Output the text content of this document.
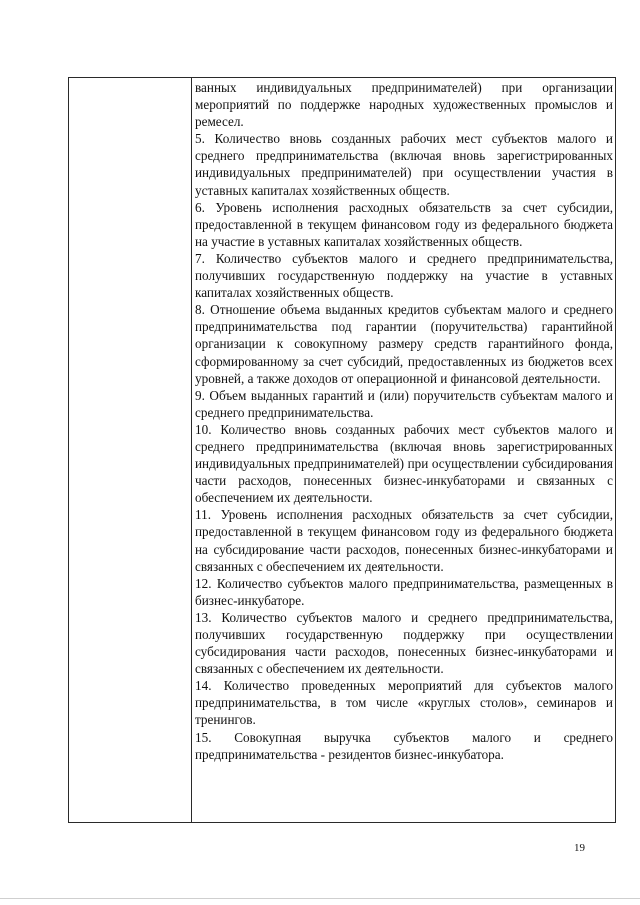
ванных индивидуальных предпринимателей) при организации мероприятий по поддержке народных художественных промыслов и ремесел.

5. Количество вновь созданных рабочих мест субъектов малого и среднего предпринимательства (включая вновь зарегистрированных индивидуальных предпринимателей) при осуществлении участия в уставных капиталах хозяйственных обществ.

6. Уровень исполнения расходных обязательств за счет субсидии, предоставленной в текущем финансовом году из федерального бюджета на участие в уставных капиталах хозяйственных обществ.

7. Количество субъектов малого и среднего предпринимательства, получивших государственную поддержку на участие в уставных капиталах хозяйственных обществ.

8. Отношение объема выданных кредитов субъектам малого и среднего предпринимательства под гарантии (поручительства) гарантийной организации к совокупному размеру средств гарантийного фонда, сформированному за счет субсидий, предоставленных из бюджетов всех уровней, а также доходов от операционной и финансовой деятельности.

9. Объем выданных гарантий и (или) поручительств субъектам малого и среднего предпринимательства.

10. Количество вновь созданных рабочих мест субъектов малого и среднего предпринимательства (включая вновь зарегистрированных индивидуальных предпринимателей) при осуществлении субсидирования части расходов, понесенных бизнес-инкубаторами и связанных с обеспечением их деятельности.

11. Уровень исполнения расходных обязательств за счет субсидии, предоставленной в текущем финансовом году из федерального бюджета на субсидирование части расходов, понесенных бизнес-инкубаторами и связанных с обеспечением их деятельности.

12. Количество субъектов малого предпринимательства, размещенных в бизнес-инкубаторе.

13. Количество субъектов малого и среднего предпринимательства, получивших государственную поддержку при осуществлении субсидирования части расходов, понесенных бизнес-инкубаторами и связанных с обеспечением их деятельности.

14. Количество проведенных мероприятий для субъектов малого предпринимательства, в том числе «круглых столов», семинаров и тренингов.

15. Совокупная выручка субъектов малого и среднего предпринимательства - резидентов бизнес-инкубатора.

19
